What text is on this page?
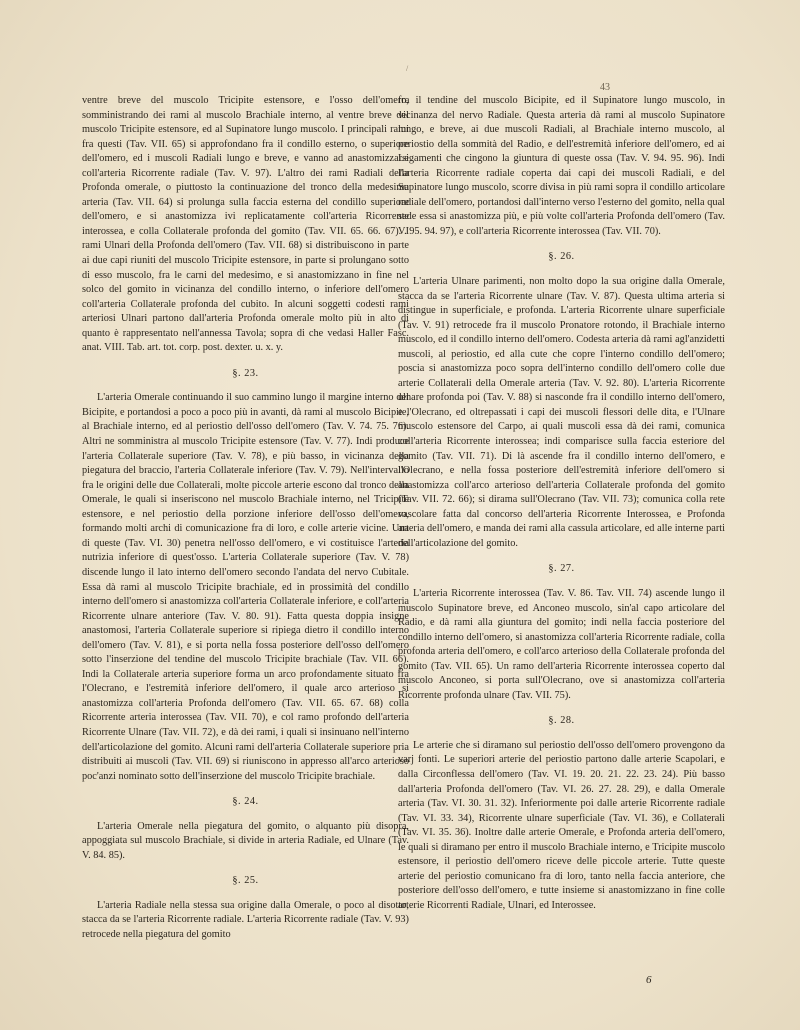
/
43

ventre breve del muscolo Tricipite estensore, e l'osso dell'omero, somministrando dei rami al muscolo Brachiale interno, al ventre breve del muscolo Tricipite estensore, ed al Supinatore lungo muscolo. I principali rami fra questi (Tav. VII. 65) si approfondano fra il condillo esterno, o superiore dell'omero, ed i muscoli Radiali lungo e breve, e vanno ad anastomizzarsi coll'arteria Ricorrente radiale (Tav. V. 97). L'altro dei rami Radiali della Profonda omerale, o piuttosto la continuazione del tronco della medesima arteria (Tav. VII. 64) si prolunga sulla faccia esterna del condillo superiore dell'omero, e si anastomizza ivi replicatamente coll'arteria Ricorrente interossea, e colla Collaterale profonda del gomito (Tav. VII. 65. 66. 67). I rami Ulnari della Profonda dell'omero (Tav. VII. 68) si distribuiscono in parte ai due capi riuniti del muscolo Tricipite estensore, in parte si prolungano sotto di esso muscolo, fra le carni del medesimo, e si anastomizzano in fine nel solco del gomito in vicinanza del condillo interno, o inferiore dell'omero coll'arteria Collaterale profonda del cubito. In alcuni soggetti codesti rami arteriosi Ulnari partono dall'arteria Profonda omerale molto più in alto di quanto è rappresentato nell'annessa Tavola; sopra di che vedasi Haller Fasc. anat. VIII. Tab. art. tot. corp. post. dexter. u. x. y.

§. 23.

L'arteria Omerale continuando il suo cammino lungo il margine interno del Bicipite, e portandosi a poco a poco più in avanti, dà rami al muscolo Bicipite, al Brachiale interno, ed al periostio dell'osso dell'omero (Tav. V. 74. 75. 76). Altri ne somministra al muscolo Tricipite estensore (Tav. V. 77). Indi produce l'arteria Collaterale superiore (Tav. V. 78), e più basso, in vicinanza della piegatura del braccio, l'arteria Collaterale inferiore (Tav. V. 79). Nell'intervallo fra le origini delle due Collaterali, molte piccole arterie escono dal tronco della Omerale, le quali si inseriscono nel muscolo Brachiale interno, nel Tricipite estensore, e nel periostio della porzione inferiore dell'osso dell'omero, formando molti archi di comunicazione fra di loro, e colle arterie vicine. Una di queste (Tav. VI. 30) penetra nell'osso dell'omero, e vi costituisce l'arteria nutrizia inferiore di quest'osso. L'arteria Collaterale superiore (Tav. V. 78) discende lungo il lato interno dell'omero secondo l'andata del nervo Cubitale. Essa dà rami al muscolo Tricipite brachiale, ed in prossimità del condillo interno dell'omero si anastomizza coll'arteria Collaterale inferiore, e coll'arteria Ricorrente ulnare anteriore (Tav. V. 80. 91). Fatta questa doppia insigne anastomosi, l'arteria Collaterale superiore si ripiega dietro il condillo interno dell'omero (Tav. V. 81), e si porta nella fossa posteriore dell'osso dell'omero sotto l'inserzione del tendine del muscolo Tricipite brachiale (Tav. VII. 66). Indi la Collaterale arteria superiore forma un arco profondamente situato fra l'Olecrano, e l'estremità inferiore dell'omero, il quale arco arterioso si anastomizza coll'arteria Profonda dell'omero (Tav. VII. 65. 67. 68) colla Ricorrente arteria interossea (Tav. VII. 70), e col ramo profondo dell'arteria Ricorrente Ulnare (Tav. VII. 72), e dà dei rami, i quali si insinuano nell'interno dell'articolazione del gomito. Alcuni rami dell'arteria Collaterale superiore pria distribuiti ai muscoli (Tav. VII. 69) si riuniscono in appresso all'arco arterioso poc'anzi nominato sotto dell'inserzione del muscolo Tricipite brachiale.

§. 24.

L'arteria Omerale nella piegatura del gomito, o alquanto più disopra, appoggiata sul muscolo Brachiale, si divide in arteria Radiale, ed Ulnare (Tav. V. 84. 85).

§. 25.

L'arteria Radiale nella stessa sua origine dalla Omerale, o poco al disotto, stacca da se l'arteria Ricorrente radiale. L'arteria Ricorrente radiale (Tav. V. 93) retrocede nella piegatura del gomito

fra il tendine del muscolo Bicipite, ed il Supinatore lungo muscolo, in vicinanza del nervo Radiale. Questa arteria dà rami al muscolo Supinatore lungo, e breve, ai due muscoli Radiali, al Brachiale interno muscolo, al periostio della sommità del Radio, e dell'estremità inferiore dell'omero, ed ai Legamenti che cingono la giuntura di queste ossa (Tav. V. 94. 95. 96). Indi l'arteria Ricorrente radiale coperta dai capi dei muscoli Radiali, e del Supinatore lungo muscolo, scorre divisa in più rami sopra il condillo articolare radiale dell'omero, portandosi dall'interno verso l'esterno del gomito, nella qual sede essa si anastomizza più, e più volte coll'arteria Profonda dell'omero (Tav. V. 95. 94. 97), e coll'arteria Ricorrente interossea (Tav. VII. 70).

§. 26.

L'arteria Ulnare parimenti, non molto dopo la sua origine dalla Omerale, stacca da se l'arteria Ricorrente ulnare (Tav. V. 87). Questa ultima arteria si distingue in superficiale, e profonda. L'arteria Ricorrente ulnare superficiale (Tav. V. 91) retrocede fra il muscolo Pronatore rotondo, il Brachiale interno muscolo, ed il condillo interno dell'omero. Codesta arteria dà rami agl'anzidetti muscoli, al periostio, ed alla cute che copre l'interno condillo dell'omero; poscia si anastomizza poco sopra dell'interno condillo dell'omero colle due arterie Collaterali della Omerale arteria (Tav. V. 92. 80). L'arteria Ricorrente ulnare profonda poi (Tav. V. 88) si nasconde fra il condillo interno dell'omero, e l'Olecrano, ed oltrepassati i capi dei muscoli flessori delle dita, e l'Ulnare muscolo estensore del Carpo, ai quali muscoli essa dà dei rami, comunica coll'arteria Ricorrente interossea; indi comparisce sulla faccia esteriore del gomito (Tav. VII. 71). Di là ascende fra il condillo interno dell'omero, e l'Olecrano, e nella fossa posteriore dell'estremità inferiore dell'omero si anastomizza coll'arco arterioso dell'arteria Collaterale profonda del gomito (Tav. VII. 72. 66); si dirama sull'Olecrano (Tav. VII. 73); comunica colla rete vascolare fatta dal concorso dell'arteria Ricorrente Interossea, e Profonda arteria dell'omero, e manda dei rami alla cassula articolare, ed alle interne parti dell'articolazione del gomito.

§. 27.

L'arteria Ricorrente interossea (Tav. V. 86. Tav. VII. 74) ascende lungo il muscolo Supinatore breve, ed Anconeo muscolo, sin'al capo articolare del Radio, e dà rami alla giuntura del gomito; indi nella faccia posteriore del condillo interno dell'omero, si anastomizza coll'arteria Ricorrente radiale, colla profonda arteria dell'omero, e coll'arco arterioso della Collaterale profonda del gomito (Tav. VII. 65). Un ramo dell'arteria Ricorrente interossea coperto dal muscolo Anconeo, si porta sull'Olecrano, ove si anastomizza coll'arteria Ricorrente profonda ulnare (Tav. VII. 75).

§. 28.

Le arterie che si diramano sul periostio dell'osso dell'omero provengono da varj fonti. Le superiori arterie del periostio partono dalle arterie Scapolari, e dalla Circonflessa dell'omero (Tav. VI. 19. 20. 21. 22. 23. 24). Più basso dall'arteria Profonda dell'omero (Tav. VI. 26. 27. 28. 29), e dalla Omerale arteria (Tav. VI. 30. 31. 32). Inferiormente poi dalle arterie Ricorrente radiale (Tav. VI. 33. 34), Ricorrente ulnare superficiale (Tav. VI. 36), e Collaterali (Tav. VI. 35. 36). Inoltre dalle arterie Omerale, e Profonda arteria dell'omero, le quali si diramano per entro il muscolo Brachiale interno, e Tricipite muscolo estensore, il periostio dell'omero riceve delle piccole arterie. Tutte queste arterie del periostio comunicano fra di loro, tanto nella faccia anteriore, che posteriore dell'osso dell'omero, e tutte insieme si anastomizzano in fine colle arterie Ricorrenti Radiale, Ulnari, ed Interossee.

6
